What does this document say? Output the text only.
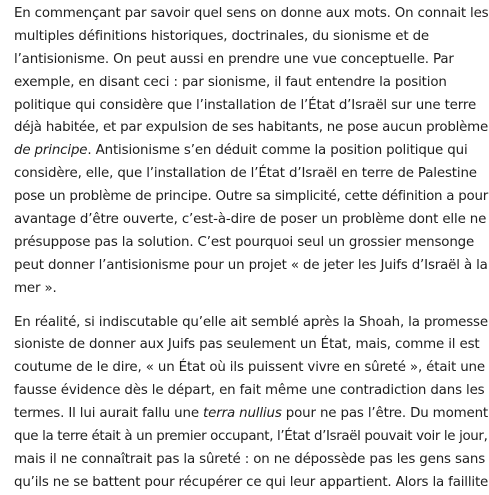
En commençant par savoir quel sens on donne aux mots. On connait les
multiples définitions historiques, doctrinales, du sionisme et de
l’antisionisme. On peut aussi en prendre une vue conceptuelle. Par
exemple, en disant ceci : par sionisme, il faut entendre la position
politique qui considère que l’installation de l’État d’Israël sur une terre
déjà habitée, et par expulsion de ses habitants, ne pose aucun problème
de principe. Antisionisme s’en déduit comme la position politique qui
considère, elle, que l’installation de l’État d’Israël en terre de Palestine
pose un problème de principe. Outre sa simplicité, cette définition a pour
avantage d’être ouverte, c’est-à-dire de poser un problème dont elle ne
présuppose pas la solution. C’est pourquoi seul un grossier mensonge
peut donner l’antisionisme pour un projet « de jeter les Juifs d’Israël à la
mer ».

En réalité, si indiscutable qu’elle ait semblé après la Shoah, la promesse
sioniste de donner aux Juifs pas seulement un État, mais, comme il est
coutume de le dire, « un État où ils puissent vivre en sûreté », était une
fausse évidence dès le départ, en fait même une contradiction dans les
termes. Il lui aurait fallu une terra nullius pour ne pas l’être. Du moment
que la terre était à un premier occupant, l’État d’Israël pouvait voir le jour,
mais il ne connaîtrait pas la sûreté : on ne dépossède pas les gens sans
qu’ils ne se battent pour récupérer ce qui leur appartient. Alors la faillite
